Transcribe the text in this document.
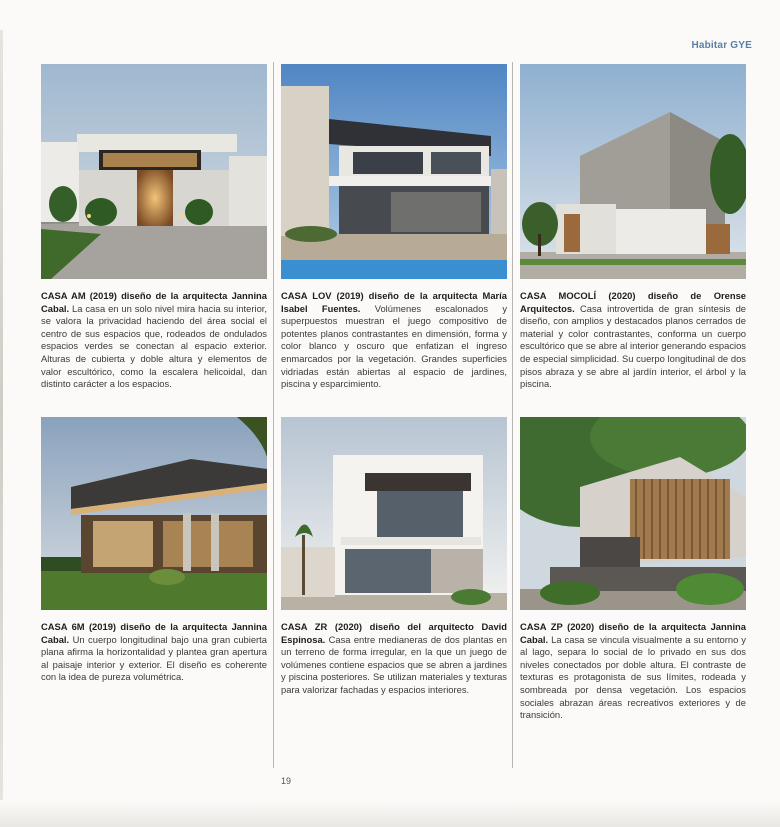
Habitar GYE
CASA AM (2019) diseño de la arquitecta Jannina Cabal. La casa en un solo nivel mira hacia su interior, se valora la privacidad haciendo del área social el centro de sus espacios que, rodeados de ondulados espacios verdes se conectan al espacio exterior. Alturas de cubierta y doble altura y elementos de valor escultórico, como la escalera helicoidal, dan distinto carácter a los espacios.
CASA LOV (2019) diseño de la arquitecta María Isabel Fuentes. Volúmenes escalonados y superpuestos muestran el juego compositivo de potentes planos contrastantes en dimensión, forma y color blanco y oscuro que enfatizan el ingreso enmarcados por la vegetación. Grandes superficies vidriadas están abiertas al espacio de jardines, piscina y esparcimiento.
CASA MOCOLÍ (2020) diseño de Orense Arquitectos. Casa introvertida de gran síntesis de diseño, con amplios y destacados planos cerrados de material y color contrastantes, conforma un cuerpo escultórico que se abre al interior generando espacios de especial simplicidad. Su cuerpo longitudinal de dos pisos abraza y se abre al jardín interior, el árbol y la piscina.
CASA 6M (2019) diseño de la arquitecta Jannina Cabal. Un cuerpo longitudinal bajo una gran cubierta plana afirma la horizontalidad y plantea gran apertura al paisaje interior y exterior. El diseño es coherente con la idea de pureza volumétrica.
CASA ZR (2020) diseño del arquitecto David Espinosa. Casa entre medianeras de dos plantas en un terreno de forma irregular, en la que un juego de volúmenes contiene espacios que se abren a jardines y piscina posteriores. Se utilizan materiales y texturas para valorizar fachadas y espacios interiores.
CASA ZP (2020) diseño de la arquitecta Jannina Cabal. La casa se vincula visualmente a su entorno y al lago, separa lo social de lo privado en sus dos niveles conectados por doble altura. El contraste de texturas es protagonista de sus límites, rodeada y sombreada por densa vegetación. Los espacios sociales abrazan áreas recreativos exteriores y de transición.
19
